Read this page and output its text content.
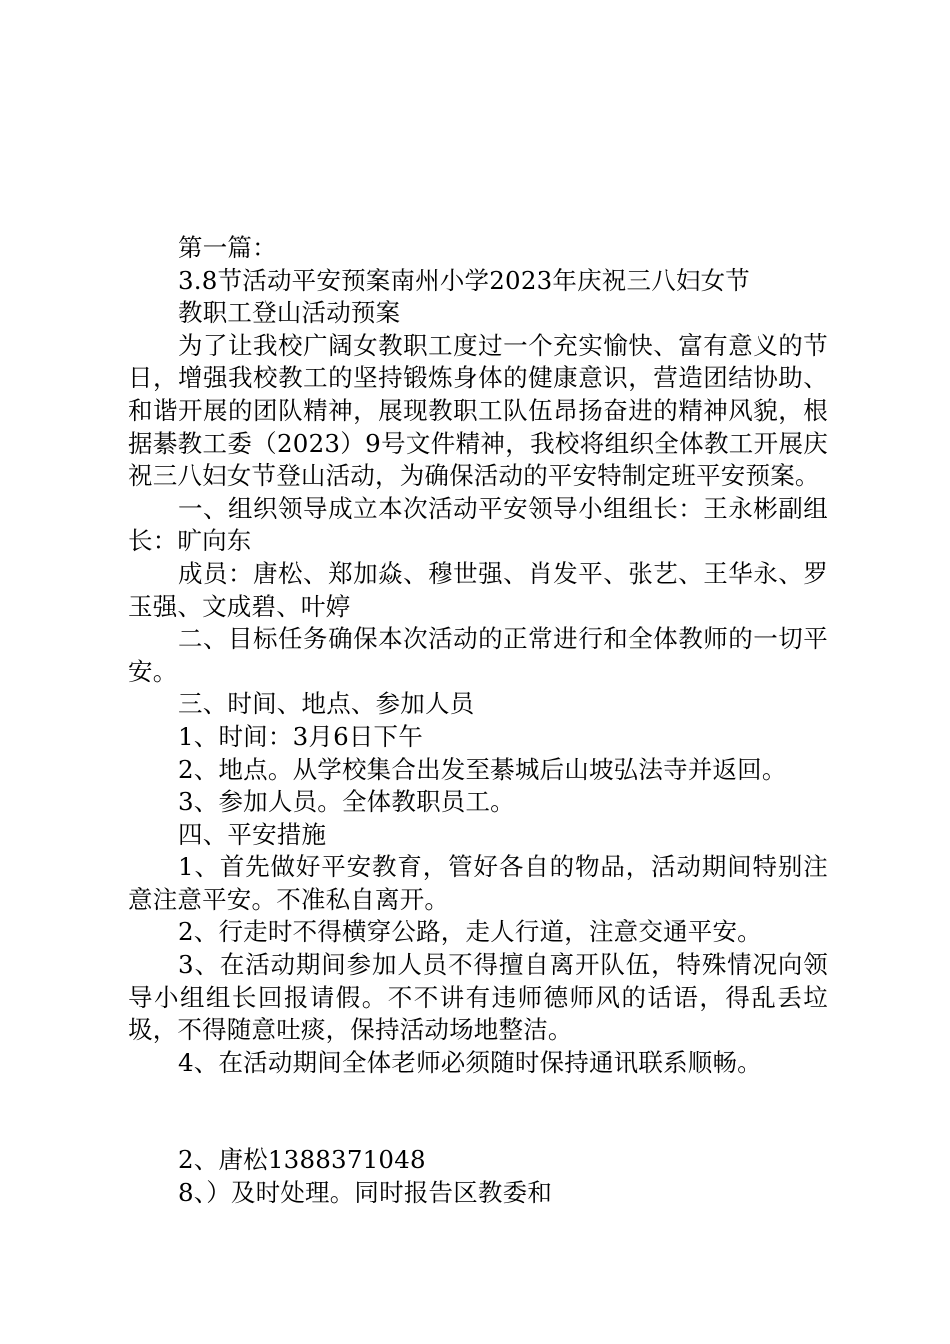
第一篇：

3.8节活动平安预案南州小学2023年庆祝三八妇女节

教职工登山活动预案

为了让我校广阔女教职工度过一个充实愉快、富有意义的节日，增强我校教工的坚持锻炼身体的健康意识，营造团结协助、和谐开展的团队精神，展现教职工队伍昂扬奋进的精神风貌，根据綦教工委（2023）9号文件精神，我校将组织全体教工开展庆祝三八妇女节登山活动，为确保活动的平安特制定班平安预案。

一、组织领导成立本次活动平安领导小组组长：王永彬副组长：旷向东

成员：唐松、郑加焱、穆世强、肖发平、张艺、王华永、罗玉强、文成碧、叶婷

二、目标任务确保本次活动的正常进行和全体教师的一切平安。

三、时间、地点、参加人员

1、时间：3月6日下午

2、地点。从学校集合出发至綦城后山坡弘法寺并返回。

3、参加人员。全体教职员工。

四、平安措施

1、首先做好平安教育，管好各自的物品，活动期间特别注意注意平安。不准私自离开。

2、行走时不得横穿公路，走人行道，注意交通平安。

3、在活动期间参加人员不得擅自离开队伍，特殊情况向领导小组组长回报请假。不不讲有违师德师风的话语，得乱丢垃圾，不得随意吐痰，保持活动场地整洁。

4、在活动期间全体老师必须随时保持通讯联系顺畅。

2、唐松1388371048

8、）及时处理。同时报告区教委和
